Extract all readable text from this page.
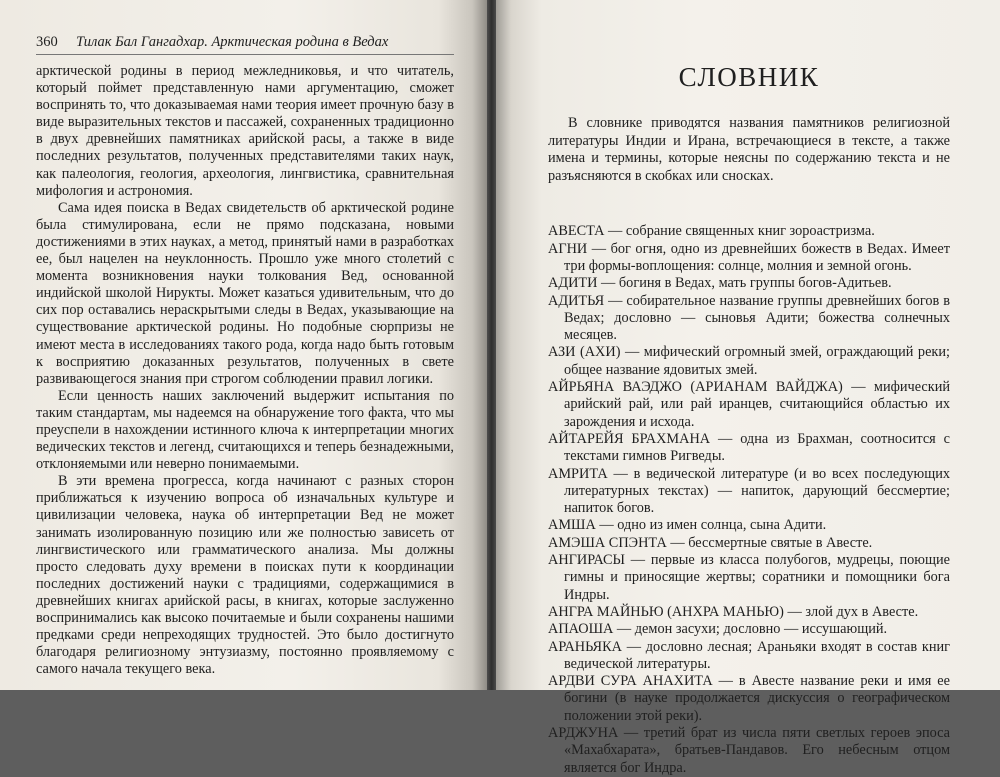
360	Тилак Бал Гангадхар. Арктическая родина в Ведах

арктической родины в период межледниковья, и что читатель, который поймет представленную нами аргументацию, сможет воспринять то, что доказываемая нами теория имеет прочную базу в виде выразительных текстов и пассажей, сохраненных традиционно в двух древнейших памятниках арийской расы, а также в виде последних результатов, полученных представителями таких наук, как палеология, геология, археология, лингвистика, сравнительная мифология и астрономия.

Сама идея поиска в Ведах свидетельств об арктической родине была стимулирована, если не прямо подсказана, новыми достижениями в этих науках, а метод, принятый нами в разработках ее, был нацелен на неуклонность. Прошло уже много столетий с момента возникновения науки толкования Вед, основанной индийской школой Нирукты. Может казаться удивительным, что до сих пор оставались нераскрытыми следы в Ведах, указывающие на существование арктической родины. Но подобные сюрпризы не имеют места в исследованиях такого рода, когда надо быть готовым к восприятию доказанных результатов, полученных в свете развивающегося знания при строгом соблюдении правил логики.

Если ценность наших заключений выдержит испытания по таким стандартам, мы надеемся на обнаружение того факта, что мы преуспели в нахождении истинного ключа к интерпретации многих ведических текстов и легенд, считающихся и теперь безнадежными, отклоняемыми или неверно понимаемыми.

В эти времена прогресса, когда начинают с разных сторон приближаться к изучению вопроса об изначальных культуре и цивилизации человека, наука об интерпретации Вед не может занимать изолированную позицию или же полностью зависеть от лингвистического или грамматического анализа. Мы должны просто следовать духу времени в поисках пути к координации последних достижений науки с традициями, содержащимися в древнейших книгах арийской расы, в книгах, которые заслуженно воспринимались как высоко почитаемые и были сохранены нашими предками среди непреходящих трудностей. Это было достигнуто благодаря религиозному энтузиазму, постоянно проявляемому с самого начала текущего века.

СЛОВНИК

В словнике приводятся названия памятников религиозной литературы Индии и Ирана, встречающиеся в тексте, а также имена и термины, которые неясны по содержанию текста и не разъясняются в скобках или сносках.

АВЕСТА — собрание священных книг зороастризма.

АГНИ — бог огня, одно из древнейших божеств в Ведах. Имеет три формы-воплощения: солнце, молния и земной огонь.

АДИТИ — богиня в Ведах, мать группы богов-Адитьев.

АДИТЬЯ — собирательное название группы древнейших богов в Ведах; дословно — сыновья Адити; божества солнечных месяцев.

АЗИ (АХИ) — мифический огромный змей, ограждающий реки; общее название ядовитых змей.

АЙРЬЯНА ВАЭДЖО (АРИАНАМ ВАЙДЖА) — мифический арийский рай, или рай иранцев, считающийся областью их зарождения и исхода.

АЙТАРЕЙЯ БРАХМАНА — одна из Брахман, соотносится с текстами гимнов Ригведы.

АМРИТА — в ведической литературе (и во всех последующих литературных текстах) — напиток, дарующий бессмертие; напиток богов.

АМША — одно из имен солнца, сына Адити.

АМЭША СПЭНТА — бессмертные святые в Авесте.

АНГИРАСЫ — первые из класса полубогов, мудрецы, поющие гимны и приносящие жертвы; соратники и помощники бога Индры.

АНГРА МАЙНЬЮ (АНХРА МАНЬЮ) — злой дух в Авесте.

АПАОША — демон засухи; дословно — иссушающий.

АРАНЬЯКА — дословно лесная; Араньяки входят в состав книг ведической литературы.

АРДВИ СУРА АНАХИТА — в Авесте название реки и имя ее богини (в науке продолжается дискуссия о географическом положении этой реки).

АРДЖУНА — третий брат из числа пяти светлых героев эпоса «Махабхарата», братьев-Пандавов. Его небесным отцом является бог Индра.
